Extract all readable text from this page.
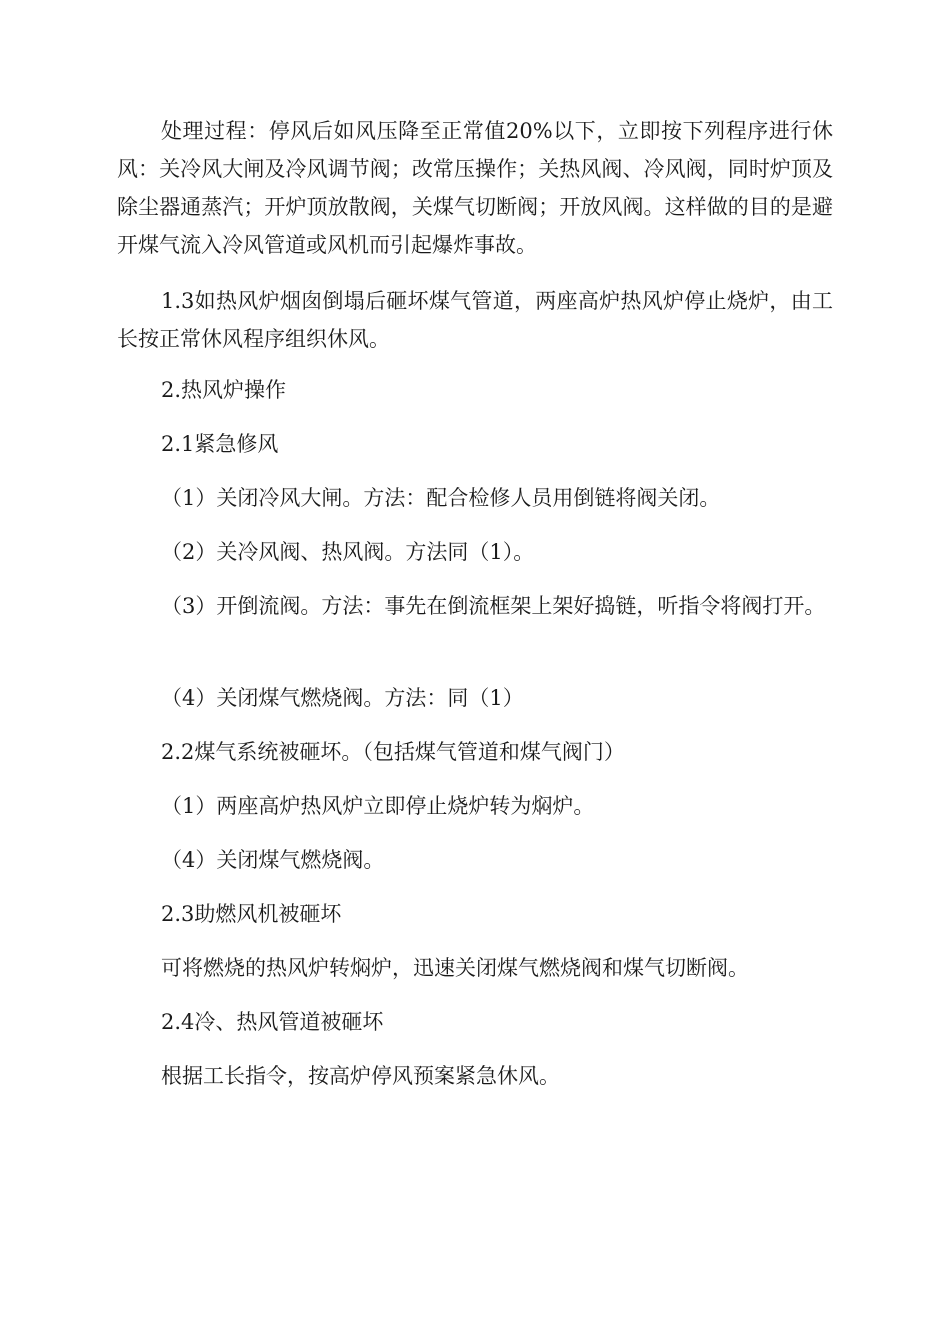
处理过程：停风后如风压降至正常值20%以下，立即按下列程序进行休风：关冷风大闸及冷风调节阀；改常压操作；关热风阀、冷风阀，同时炉顶及除尘器通蒸汽；开炉顶放散阀，关煤气切断阀；开放风阀。这样做的目的是避开煤气流入冷风管道或风机而引起爆炸事故。

1.3如热风炉烟囱倒塌后砸坏煤气管道，两座高炉热风炉停止烧炉，由工长按正常休风程序组织休风。

2.热风炉操作

2.1紧急修风

（1）关闭冷风大闸。方法：配合检修人员用倒链将阀关闭。

（2）关冷风阀、热风阀。方法同（1）。

（3）开倒流阀。方法：事先在倒流框架上架好捣链，听指令将阀打开。

（4）关闭煤气燃烧阀。方法：同（1）

2.2煤气系统被砸坏。（包括煤气管道和煤气阀门）

（1）两座高炉热风炉立即停止烧炉转为焖炉。

（4）关闭煤气燃烧阀。

2.3助燃风机被砸坏

可将燃烧的热风炉转焖炉，迅速关闭煤气燃烧阀和煤气切断阀。

2.4冷、热风管道被砸坏

根据工长指令，按高炉停风预案紧急休风。
